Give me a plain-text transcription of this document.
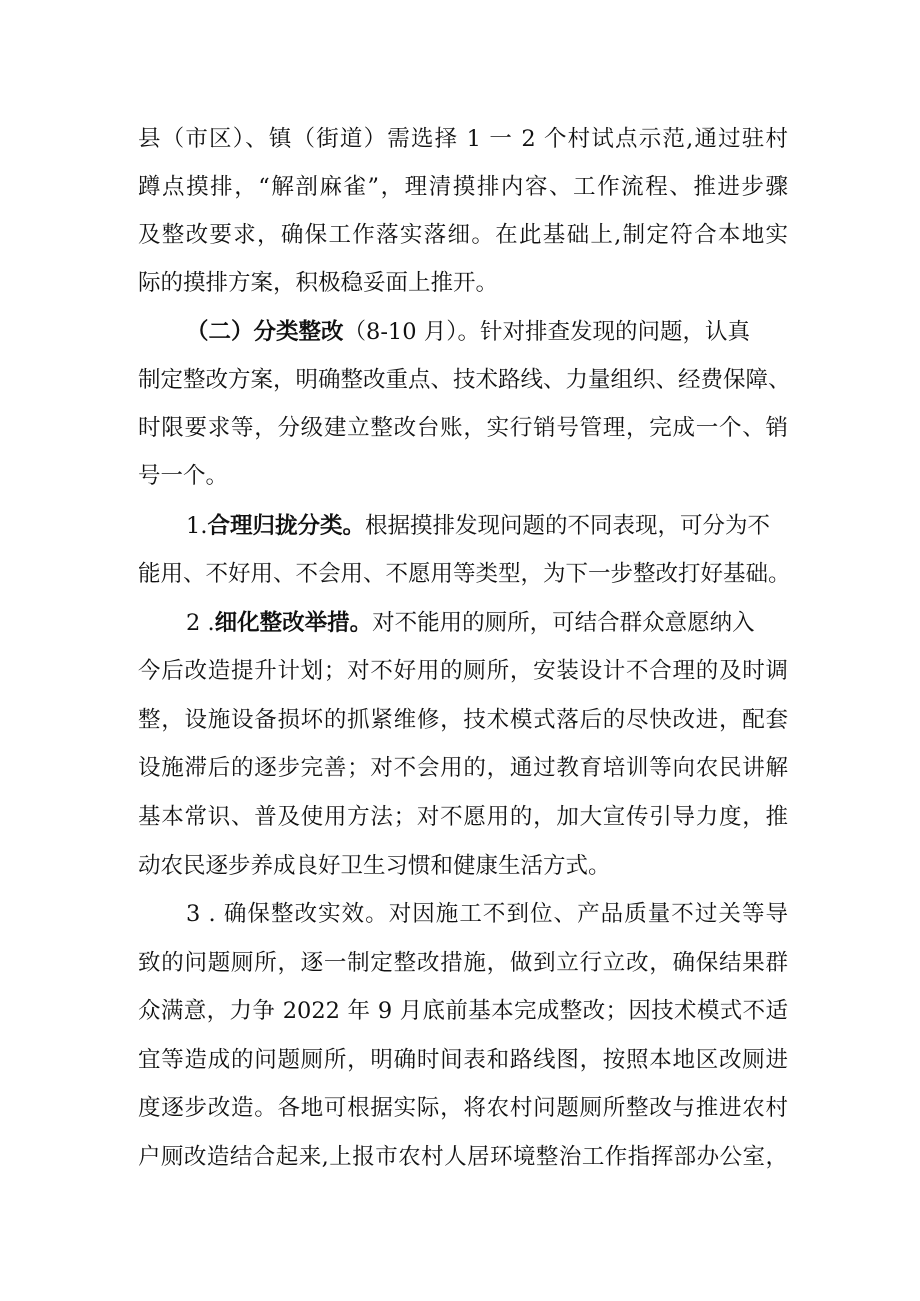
县（市区）、镇（街道）需选择 1 一 2 个村试点示范,通过驻村
蹲点摸排，“解剖麻雀”，理清摸排内容、工作流程、推进步骤
及整改要求，确保工作落实落细。在此基础上,制定符合本地实
际的摸排方案，积极稳妥面上推开。
（二）分类整改（8-10 月）。针对排查发现的问题，认真
制定整改方案，明确整改重点、技术路线、力量组织、经费保障、
时限要求等，分级建立整改台账，实行销号管理，完成一个、销
号一个。
1.合理归拢分类。根据摸排发现问题的不同表现，可分为不
能用、不好用、不会用、不愿用等类型，为下一步整改打好基础。
2 .细化整改举措。对不能用的厕所，可结合群众意愿纳入
今后改造提升计划；对不好用的厕所，安装设计不合理的及时调
整，设施设备损坏的抓紧维修，技术模式落后的尽快改进，配套
设施滞后的逐步完善；对不会用的，通过教育培训等向农民讲解
基本常识、普及使用方法；对不愿用的，加大宣传引导力度，推
动农民逐步养成良好卫生习惯和健康生活方式。
3 . 确保整改实效。对因施工不到位、产品质量不过关等导
致的问题厕所，逐一制定整改措施，做到立行立改，确保结果群
众满意，力争 2022 年 9 月底前基本完成整改；因技术模式不适
宜等造成的问题厕所，明确时间表和路线图，按照本地区改厕进
度逐步改造。各地可根据实际，将农村问题厕所整改与推进农村
户厕改造结合起来,上报市农村人居环境整治工作指挥部办公室，
